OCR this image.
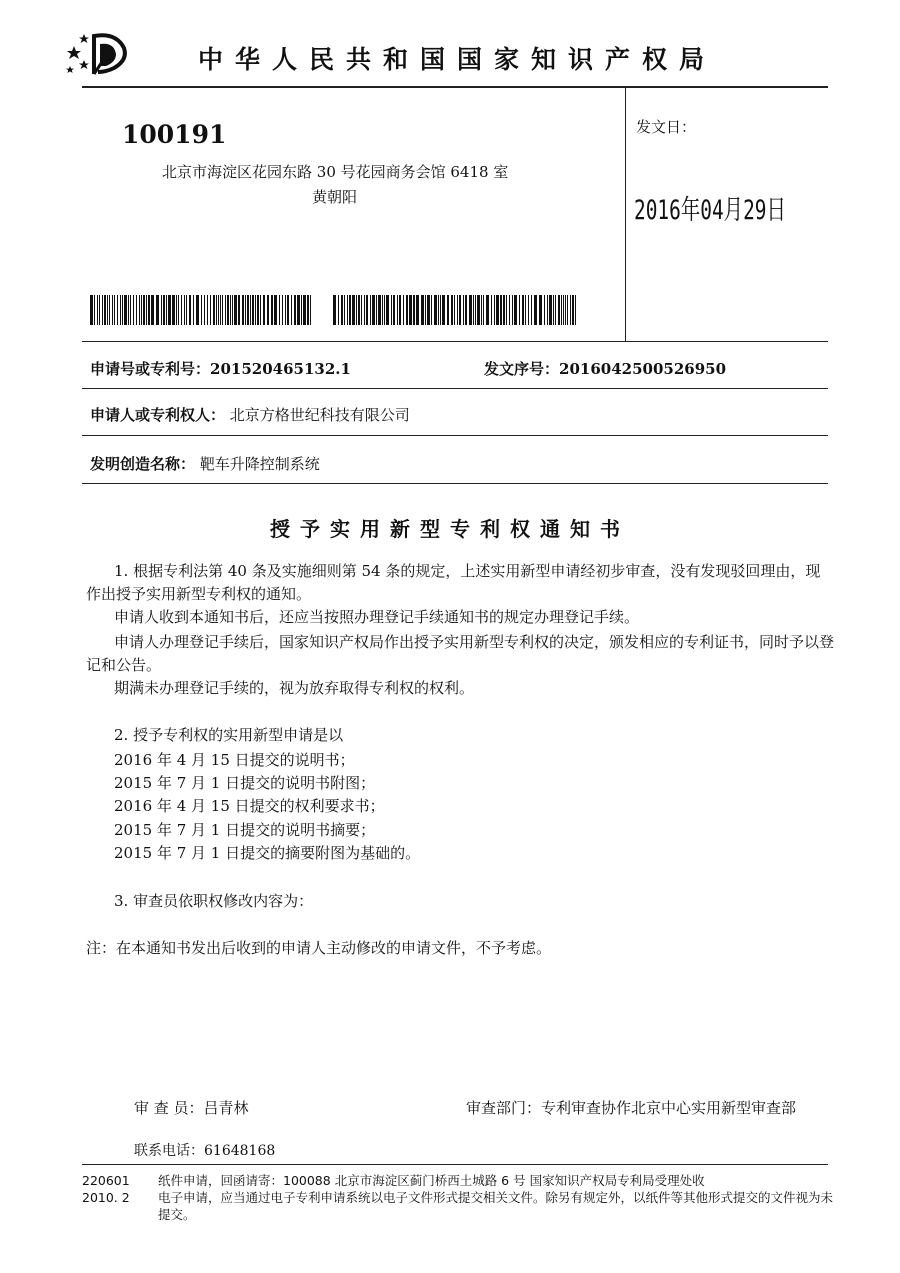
中华人民共和国国家知识产权局
100191
北京市海淀区花园东路 30 号花园商务会馆 6418 室
黄朝阳
发文日：
2016年04月29日
申请号或专利号：201520465132.1	发文序号：2016042500526950
申请人或专利权人： 北京方格世纪科技有限公司
发明创造名称： 靶车升降控制系统
授予实用新型专利权通知书
1. 根据专利法第 40 条及实施细则第 54 条的规定，上述实用新型申请经初步审查，没有发现驳回理由，现作出授予实用新型专利权的通知。
申请人收到本通知书后，还应当按照办理登记手续通知书的规定办理登记手续。
申请人办理登记手续后，国家知识产权局作出授予实用新型专利权的决定，颁发相应的专利证书，同时予以登记和公告。
期满未办理登记手续的，视为放弃取得专利权的权利。
2. 授予专利权的实用新型申请是以
2016 年 4 月 15 日提交的说明书；
2015 年 7 月 1 日提交的说明书附图；
2016 年 4 月 15 日提交的权利要求书；
2015 年 7 月 1 日提交的说明书摘要；
2015 年 7 月 1 日提交的摘要附图为基础的。
3. 审查员依职权修改内容为：
注：在本通知书发出后收到的申请人主动修改的申请文件，不予考虑。
审 查 员：吕青林	审查部门：专利审查协作北京中心实用新型审查部
联系电话：61648168
220601
2010. 2
纸件申请，回函请寄：100088 北京市海淀区蓟门桥西土城路 6 号 国家知识产权局专利局受理处收
电子申请，应当通过电子专利申请系统以电子文件形式提交相关文件。除另有规定外，以纸件等其他形式提交的文件视为未提交。
